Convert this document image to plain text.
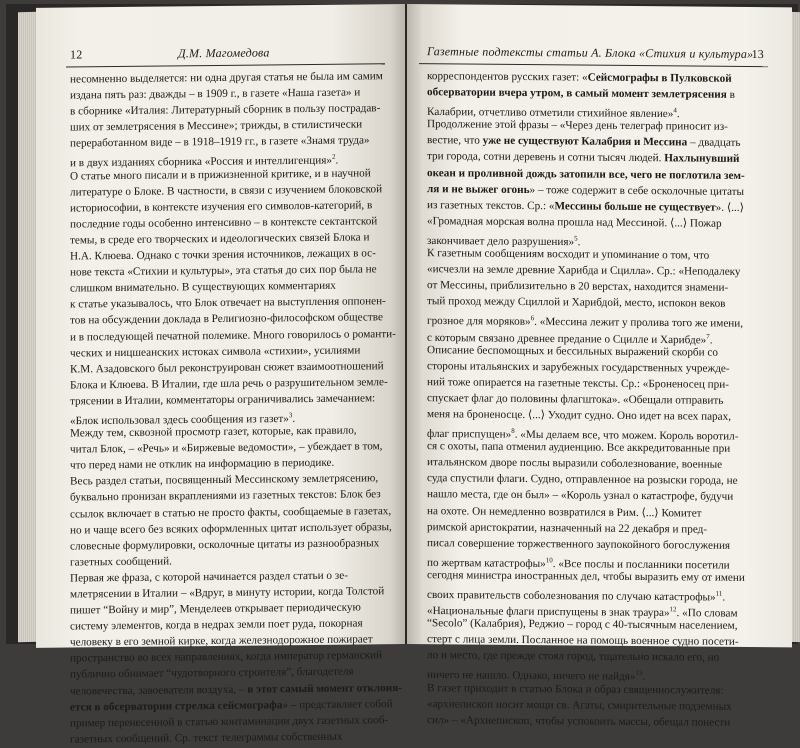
12	Д.М. Магомедова
несомненно выделяется: ни одна другая статья не была им самим
издана пять раз: дважды – в 1909 г., в газете «Наша газета» и
в сборнике «Италия: Литературный сборник в пользу пострадав-
ших от землетрясения в Мессине»; трижды, в стилистически
переработанном виде – в 1918–1919 гг., в газете «Знамя труда»
и в двух изданиях сборника «Россия и интеллигенция»$^2$.
О статье много писали и в прижизненной критике, и в научной
литературе о Блоке. В частности, в связи с изучением блоковской
историософии, в контексте изучения его символов-категорий, в
последние годы особенно интенсивно – в контексте сектантской
темы, в среде его творческих и идеологических связей Блока и
Н.А. Клюева. Однако с точки зрения источников, лежащих в ос-
нове текста «Стихии и культуры», эта статья до сих пор была не
слишком внимательно. В существующих комментариях
к статье указывалось, что Блок отвечает на выступления оппонен-
тов на обсуждении доклада в Религиозно-философском обществе
и в последующей печатной полемике. Много говорилось о романти-
ческих и ницшеанских истоках символа «стихии», усилиями
К.М. Азадовского был реконструирован сюжет взаимоотношений
Блока и Клюева. В Италии, где шла речь о разрушительном земле-
трясении в Италии, комментаторы ограничивались замечанием:
«Блок использовал здесь сообщения из газет»$^3$.
Между тем, сквозной просмотр газет, которые, как правило,
читал Блок, – «Речь» и «Биржевые ведомости», – убеждает в том,
что перед нами не отклик на информацию в периодике.
Весь раздел статьи, посвященный Мессинскому землетрясению,
буквально пронизан вкраплениями из газетных текстов: Блок без
ссылок включает в статью не просто факты, сообщаемые в газетах,
но и чаще всего без всяких оформленных цитат использует образы,
словесные формулировки, осколочные цитаты из разнообразных
газетных сообщений.
Первая же фраза, с которой начинается раздел статьи о зе-
млетрясении в Италии – «Вдруг, в минуту истории, когда Толстой
пишет “Войну и мир”, Менделеев открывает периодическую
систему элементов, когда в недрах земли поет руда, покорная
человеку в его земной кирке, когда железнодорожное пожирает
пространство во всех направлениях, когда император германский
публично обнимает “чудотворного строителя”, благодетеля
человечества, завоевателя воздуха, – в этот самый момент отклоня-
ется в обсерватории стрелка сейсмографа» – представляет собой
пример перенесенной в статью контаминации двух газетных сооб-
газетных сообщений. Ср. текст телеграммы собственных
Газетные подтексты статьи А. Блока «Стихия и культура»
13
корреспондентов русских газет: «Сейсмографы в Пулковской
обсерватории вчера утром, в самый момент землетрясения в
Калабрии, отчетливо отметили стихийное явление»$^4$.
Продолжение этой фразы – «Через день телеграф приносит из-
вестие, что уже не существуют Калабрия и Мессина – двадцать
три города, сотни деревень и сотни тысяч людей. Нахлынувший
океан и проливной дождь затопили все, чего не поглотила зем-
ля и не выжег огонь» – тоже содержит в себе осколочные цитаты
из газетных текстов. Ср.: «Мессины больше не существует». ⟨...⟩
«Громадная морская волна прошла над Мессиной. ⟨...⟩ Пожар
закончивает дело разрушения»$^5$.
К газетным сообщениям восходит и упоминание о том, что
«исчезли на земле древние Харибда и Сцилла». Ср.: «Неподалеку
от Мессины, приблизительно в 20 верстах, находится знамени-
тый проход между Сциллой и Харибдой, место, испокон веков
грозное для моряков»$^6$. «Мессина лежит у пролива того же имени,
с которым связано древнее предание о Сцилле и Харибде»$^7$.
Описание беспомощных и бессильных выражений скорби со
стороны итальянских и зарубежных государственных учрежде-
ний тоже опирается на газетные тексты. Ср.: «Броненосец при-
спускает флаг до половины флагштока». «Обещали отправить
меня на броненосце. ⟨...⟩ Уходит судно. Оно идет на всех парах,
флаг приспущен»$^8$. «Мы делаем все, что можем. Король воротил-
ся с охоты, папа отменил аудиенцию. Все аккредитованные при
итальянском дворе послы выразили соболезнование, военные
суда спустили флаги. Судно, отправленное на розыски города, не
нашло места, где он был» – «Король узнал о катастрофе, будучи
на охоте. Он немедленно возвратился в Рим. ⟨...⟩ Комитет
римской аристократии, назначенный на 22 декабря и пред-
писал совершение торжественного заупокойного богослужения
по жертвам катастрофы»$^{10}$. «Все послы и посланники посетили
сегодня министра иностранных дел, чтобы выразить ему от имени
своих правительств соболезнования по случаю катастрофы»$^{11}$.
«Национальные флаги приспущены в знак траура»$^{12}$. «По словам
“Secolo” (Калабрия), Реджио – город с 40-тысячным населением,
стерт с лица земли. Посланное на помощь военное судно посети-
ло и место, где прежде стоял город, тщательно искало его, но
ничего не нашло. Однако, ничего не найдя»$^{13}$.
В газет приходит в статью Блока и образ священнослужителя:
«архиепископ носит мощи св. Агаты, смирительные подземных
сил» – «Архиепископ, чтобы успокоить массы, обещал понести
